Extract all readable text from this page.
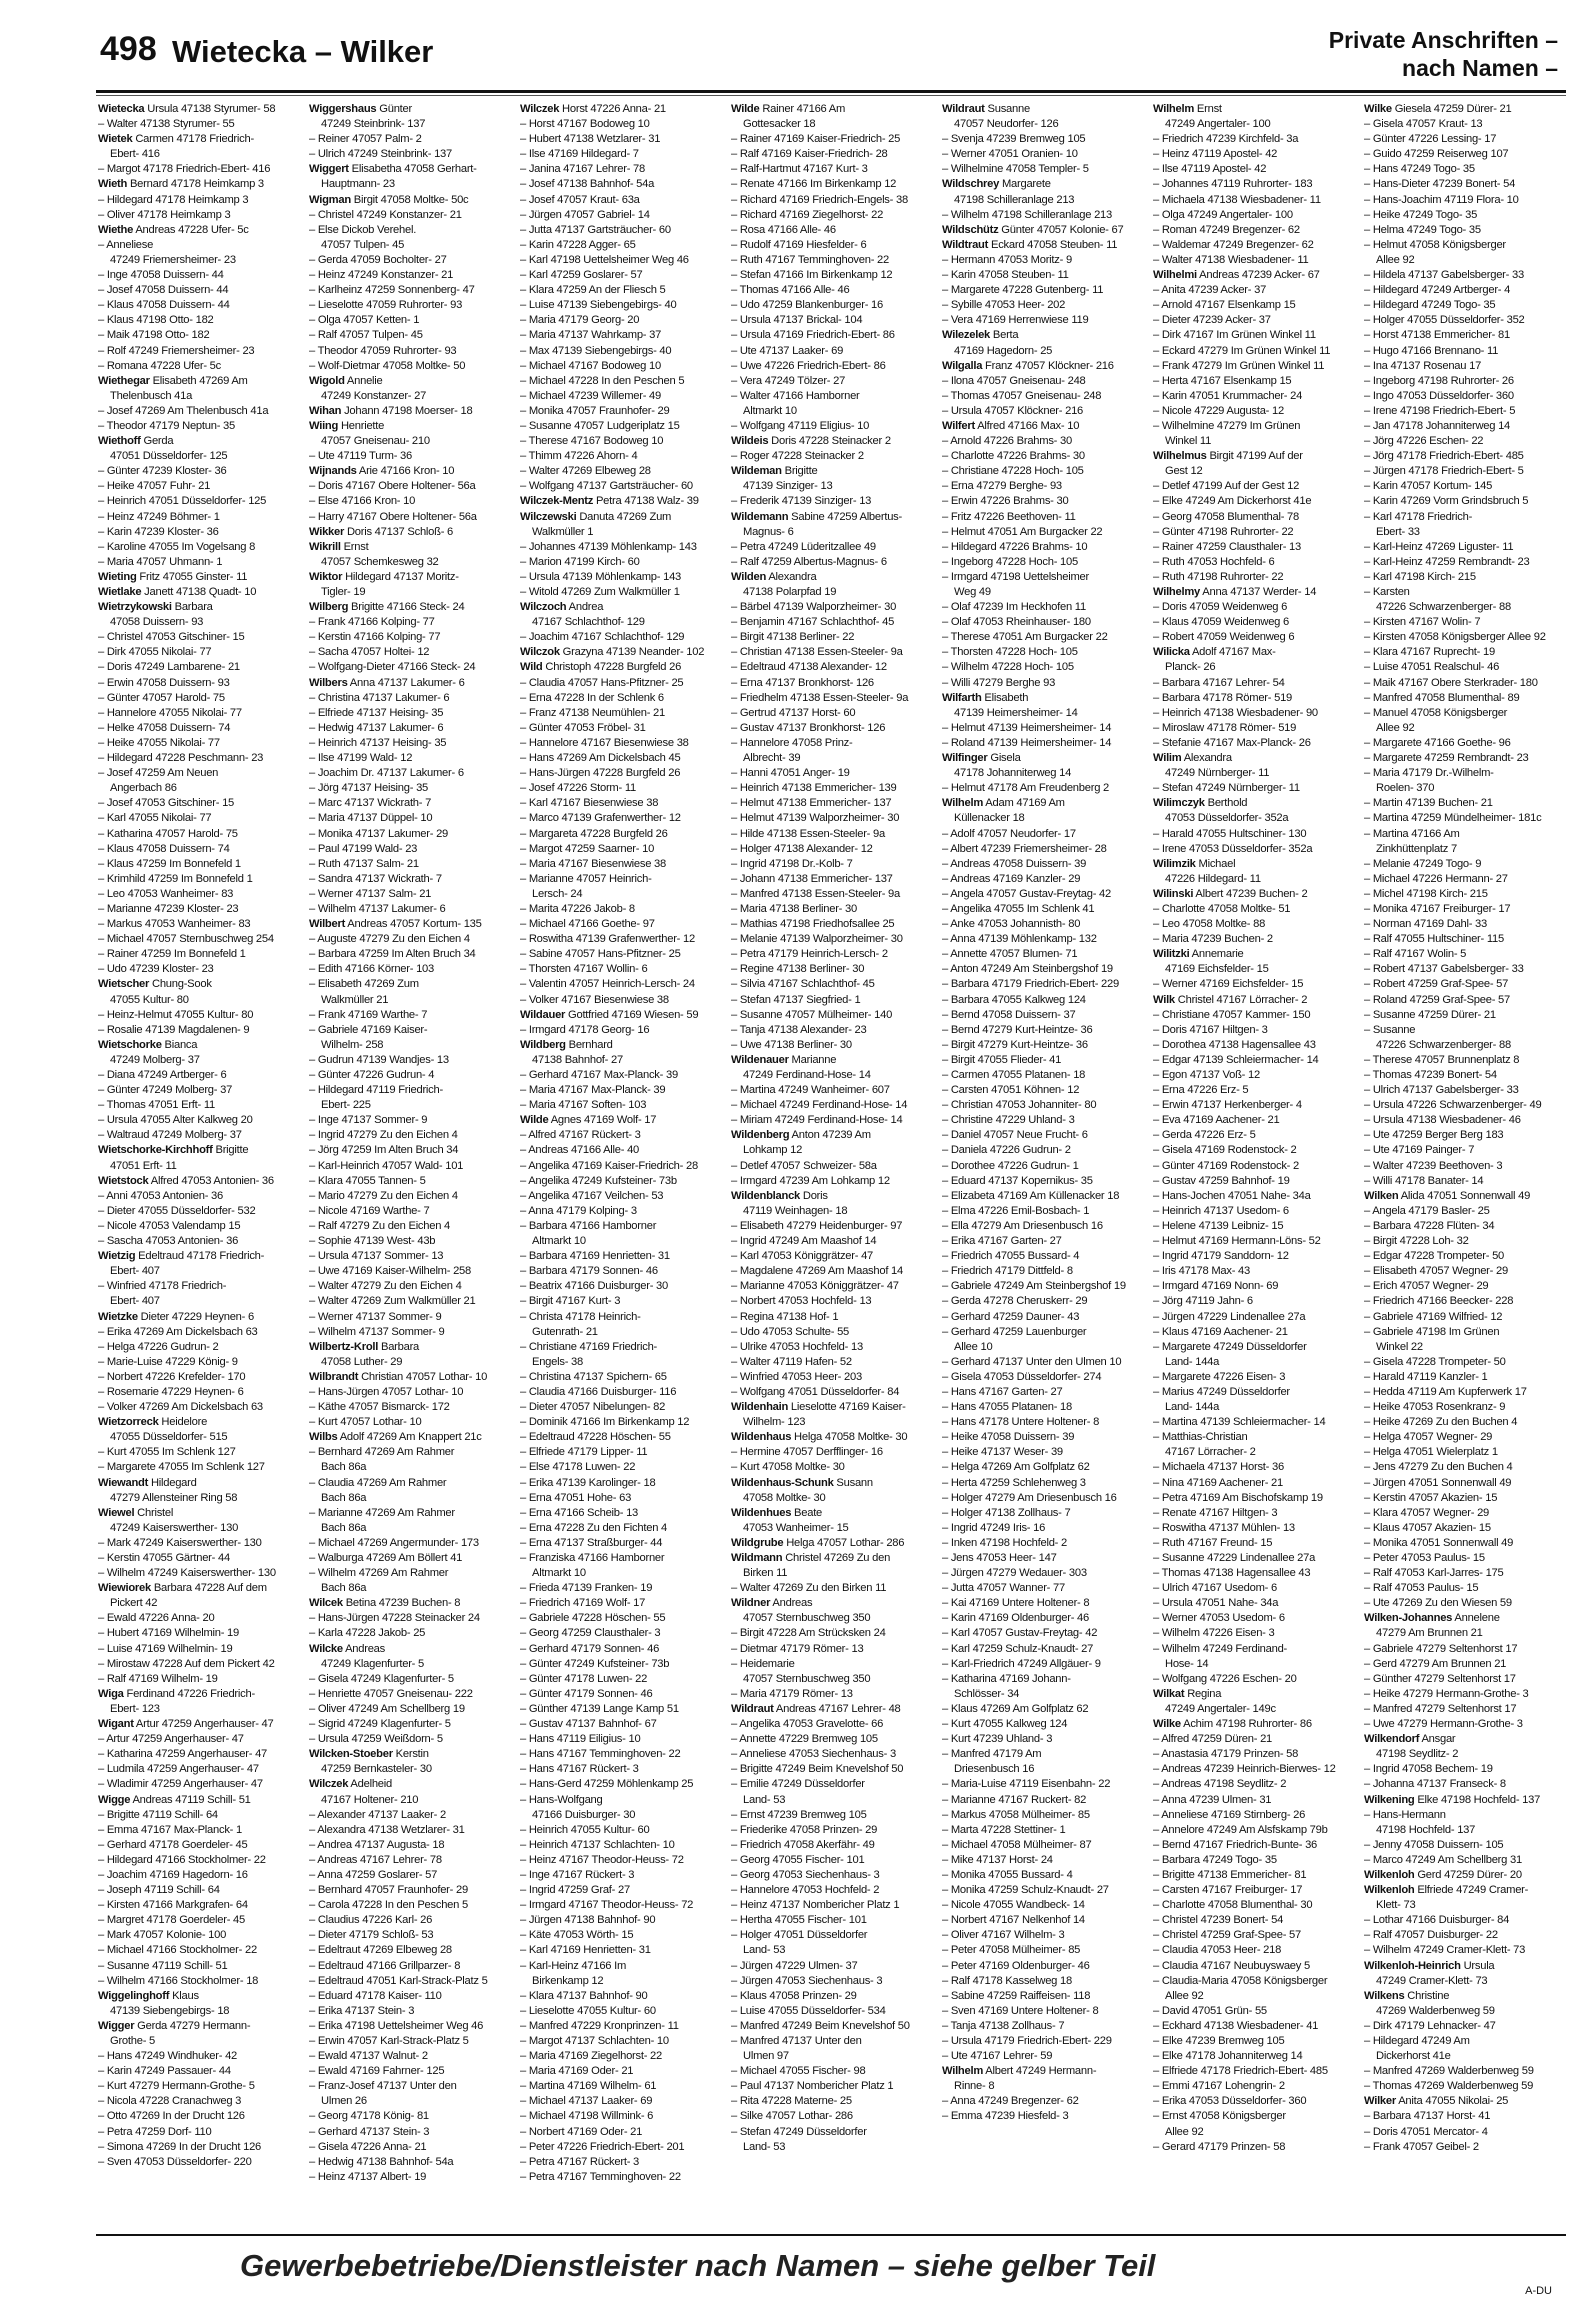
498 Wietecka – Wilker	Private Anschriften – nach Namen –
Wietecka Ursula 47138 Styrumer- 58
– Walter 47138 Styrumer- 55
Wietek Carmen 47178 Friedrich-
Ebert- 416
– Margot 47178 Friedrich-Ebert- 416
Wieth Bernard 47178 Heimkamp 3
– Hildegard 47178 Heimkamp 3
– Oliver 47178 Heimkamp 3
Wiethe Andreas 47228 Ufer- 5c
– Anneliese
47249 Friemersheimer- 23
– Inge 47058 Duissern- 44
– Josef 47058 Duissern- 44
– Klaus 47058 Duissern- 44
– Klaus 47198 Otto- 182
– Maik 47198 Otto- 182
– Rolf 47249 Friemersheimer- 23
– Romana 47228 Ufer- 5c
Wiethegar Elisabeth 47269 Am
Thelenbusch 41a
– Josef 47269 Am Thelenbusch 41a
– Theodor 47179 Neptun- 35
Wiethoff Gerda
47051 Düsseldorfer- 125
– Günter 47239 Kloster- 36
– Heike 47057 Fuhr- 21
– Heinrich 47051 Düsseldorfer- 125
– Heinz 47249 Böhmer- 1
– Karin 47239 Kloster- 36
– Karoline 47055 Im Vogelsang 8
– Maria 47057 Uhmann- 1
Wieting Fritz 47055 Ginster- 11
Wietlake Janett 47138 Quadt- 10
Wietrzykowski Barbara
47058 Duissern- 93
– Christel 47053 Gitschiner- 15
– Dirk 47055 Nikolai- 77
– Doris 47249 Lambarene- 21
– Erwin 47058 Duissern- 93
– Günter 47057 Harold- 75
– Hannelore 47055 Nikolai- 77
– Helke 47058 Duissern- 74
– Heike 47055 Nikolai- 77
– Hildegard 47228 Peschmann- 23
– Josef 47259 Am Neuen
Angerbach 86
– Josef 47053 Gitschiner- 15
– Karl 47055 Nikolai- 77
– Katharina 47057 Harold- 75
– Klaus 47058 Duissern- 74
– Klaus 47259 Im Bonnefeld 1
– Krimhild 47259 Im Bonnefeld 1
– Leo 47053 Wanheimer- 83
– Marianne 47239 Kloster- 23
– Markus 47053 Wanheimer- 83
– Michael 47057 Sternbuschweg 254
– Rainer 47259 Im Bonnefeld 1
– Udo 47239 Kloster- 23
Wietscher Chung-Sook
47055 Kultur- 80
– Heinz-Helmut 47055 Kultur- 80
– Rosalie 47139 Magdalenen- 9
Wietschorke Bianca
47249 Molberg- 37
– Diana 47249 Artberger- 6
– Günter 47249 Molberg- 37
– Thomas 47051 Erft- 11
– Ursula 47055 Alter Kalkweg 20
– Waltraud 47249 Molberg- 37
Wietschorke-Kirchhoff Brigitte
47051 Erft- 11
Wietstock Alfred 47053 Antonien- 36
– Anni 47053 Antonien- 36
– Dieter 47055 Düsseldorfer- 532
– Nicole 47053 Valendamp 15
– Sascha 47053 Antonien- 36
Wietzig Edeltraud 47178 Friedrich-
Ebert- 407
– Winfried 47178 Friedrich-
Ebert- 407
Wietzke Dieter 47229 Heynen- 6
– Erika 47269 Am Dickelsbach 63
– Helga 47226 Gudrun- 2
– Marie-Luise 47229 König- 9
– Norbert 47226 Krefelder- 170
– Rosemarie 47229 Heynen- 6
– Volker 47269 Am Dickelsbach 63
Wietzorreck Heidelore
47055 Düsseldorfer- 515
– Kurt 47055 Im Schlenk 127
– Margarete 47055 Im Schlenk 127
Wiewandt Hildegard
47279 Allensteiner Ring 58
Wiewel Christel
47249 Kaiserswerther- 130
– Mark 47249 Kaiserswerther- 130
– Kerstin 47055 Gärtner- 44
– Wilhelm 47249 Kaiserswerther- 130
Wiewiorek Barbara 47228 Auf dem
Pickert 42
– Ewald 47226 Anna- 20
– Hubert 47169 Wilhelmin- 19
– Luise 47169 Wilhelmin- 19
– Mirostaw 47228 Auf dem Pickert 42
– Ralf 47169 Wilhelm- 19
Wiga Ferdinand 47226 Friedrich-
Ebert- 123
Wigant Artur 47259 Angerhauser- 47
– Artur 47259 Angerhauser- 47
– Katharina 47259 Angerhauser- 47
– Ludmila 47259 Angerhauser- 47
– Wladimir 47259 Angerhauser- 47
Wigge Andreas 47119 Schill- 51
– Brigitte 47119 Schill- 64
– Emma 47167 Max-Planck- 1
– Gerhard 47178 Goerdeler- 45
– Hildegard 47166 Stockholmer- 22
– Joachim 47169 Hagedorn- 16
– Joseph 47119 Schill- 64
– Kirsten 47166 Markgrafen- 64
– Margret 47178 Goerdeler- 45
– Mark 47057 Kolonie- 100
– Michael 47166 Stockholmer- 22
– Susanne 47119 Schill- 51
– Wilhelm 47166 Stockholmer- 18
Wiggelinghoff Klaus
47139 Siebengebirgs- 18
Wigger Gerda 47279 Hermann-
Grothe- 5
– Hans 47249 Windhuker- 42
– Karin 47249 Passauer- 44
– Kurt 47279 Hermann-Grothe- 5
– Nicola 47228 Cranachweg 3
– Otto 47269 In der Drucht 126
– Petra 47259 Dorf- 110
– Simona 47269 In der Drucht 126
– Sven 47053 Düsseldorfer- 220
Wiggershaus Günter
47249 Steinbrink- 137
– Reiner 47057 Palm- 2
– Ulrich 47249 Steinbrink- 137
Wiggert Elisabetha 47058 Gerhart-
Hauptmann- 23
Wigman Birgit 47058 Moltke- 50c
– Christel 47249 Konstanzer- 21
– Else Dickob Verehel.
47057 Tulpen- 45
– Gerda 47059 Bocholter- 27
– Heinz 47249 Konstanzer- 21
– Karlheinz 47259 Sonnenberg- 47
– Lieselotte 47059 Ruhrorter- 93
– Olga 47057 Ketten- 1
– Ralf 47057 Tulpen- 45
– Theodor 47059 Ruhrorter- 93
– Wolf-Dietmar 47058 Moltke- 50
Wigold Annelie
47249 Konstanzer- 27
Wihan Johann 47198 Moerser- 18
Wiing Henriette
47057 Gneisenau- 210
– Ute 47119 Turm- 36
Wijnands Arie 47166 Kron- 10
– Doris 47167 Obere Holtener- 56a
– Else 47166 Kron- 10
– Harry 47167 Obere Holtener- 56a
Wikker Doris 47137 Schloß- 6
Wikrill Ernst
47057 Schemkesweg 32
Wiktor Hildegard 47137 Moritz-
Tigler- 19
Wilberg Brigitte 47166 Steck- 24
– Frank 47166 Kolping- 77
– Kerstin 47166 Kolping- 77
– Sacha 47057 Holtei- 12
– Wolfgang-Dieter 47166 Steck- 24
Wilbers Anna 47137 Lakumer- 6
– Christina 47137 Lakumer- 6
– Elfriede 47137 Heising- 35
– Hedwig 47137 Lakumer- 6
– Heinrich 47137 Heising- 35
– Ilse 47199 Wald- 12
– Joachim Dr. 47137 Lakumer- 6
– Jörg 47137 Heising- 35
– Marc 47137 Wickrath- 7
– Maria 47137 Düppel- 10
– Monika 47137 Lakumer- 29
– Paul 47199 Wald- 23
– Ruth 47137 Salm- 21
– Sandra 47137 Wickrath- 7
– Werner 47137 Salm- 21
– Wilhelm 47137 Lakumer- 6
Wilbert Andreas 47057 Kortum- 135
– Auguste 47279 Zu den Eichen 4
– Barbara 47259 Im Alten Bruch 34
– Edith 47166 Körner- 103
– Elisabeth 47269 Zum
Walkmüller 21
– Frank 47169 Warthe- 7
– Gabriele 47169 Kaiser-
Wilhelm- 258
– Gudrun 47139 Wandjes- 13
– Günter 47226 Gudrun- 4
– Hildegard 47119 Friedrich-
Ebert- 225
– Inge 47137 Sommer- 9
– Ingrid 47279 Zu den Eichen 4
– Jörg 47259 Im Alten Bruch 34
– Karl-Heinrich 47057 Wald- 101
– Klara 47055 Tannen- 5
– Mario 47279 Zu den Eichen 4
– Nicole 47169 Warthe- 7
– Ralf 47279 Zu den Eichen 4
– Sophie 47139 West- 43b
– Ursula 47137 Sommer- 13
– Uwe 47169 Kaiser-Wilhelm- 258
– Walter 47279 Zu den Eichen 4
– Walter 47269 Zum Walkmüller 21
– Werner 47137 Sommer- 9
– Wilhelm 47137 Sommer- 9
Wilbertz-Kroll Barbara
47058 Luther- 29
Wilbrandt Christian 47057 Lothar- 10
– Hans-Jürgen 47057 Lothar- 10
– Käthe 47057 Bismarck- 172
– Kurt 47057 Lothar- 10
Wilbs Adolf 47269 Am Knappert 21c
– Bernhard 47269 Am Rahmer
Bach 86a
– Claudia 47269 Am Rahmer
Bach 86a
– Marianne 47269 Am Rahmer
Bach 86a
– Michael 47269 Angermunder- 173
– Walburga 47269 Am Böllert 41
– Wilhelm 47269 Am Rahmer
Bach 86a
Wilcek Betina 47239 Buchen- 8
– Hans-Jürgen 47228 Steinacker 24
– Karla 47228 Jakob- 25
Wilcke Andreas
47249 Klagenfurter- 5
– Gisela 47249 Klagenfurter- 5
– Henriette 47057 Gneisenau- 222
– Oliver 47249 Am Schellberg 19
– Sigrid 47249 Klagenfurter- 5
– Ursula 47259 Weißdorn- 5
Wilcken-Stoeber Kerstin
47259 Bernkasteler- 30
Wilczek Adelheid
47167 Holtener- 210
– Alexander 47137 Laaker- 2
– Alexandra 47138 Wetzlarer- 31
– Andrea 47137 Augusta- 18
– Andreas 47167 Lehrer- 78
– Anna 47259 Goslarer- 57
– Bernhard 47057 Fraunhofer- 29
– Carola 47228 In den Peschen 5
– Claudius 47226 Karl- 26
– Dieter 47179 Schloß- 53
– Edeltraut 47269 Elbeweg 28
– Edeltraud 47166 Grillparzer- 8
– Edeltraud 47051 Karl-Strack-Platz 5
– Eduard 47178 Kaiser- 110
– Erika 47137 Stein- 3
– Erika 47198 Uettelsheimer Weg 46
– Erwin 47057 Karl-Strack-Platz 5
– Ewald 47137 Walnut- 2
– Ewald 47169 Fahrner- 125
– Franz-Josef 47137 Unter den
Ulmen 26
– Georg 47178 König- 81
– Gerhard 47137 Stein- 3
– Gisela 47226 Anna- 21
– Hedwig 47138 Bahnhof- 54a
– Heinz 47137 Albert- 19
Wilczek Horst 47226 Anna- 21
– Horst 47167 Bodoweg 10
– Hubert 47138 Wetzlarer- 31
– Ilse 47169 Hildegard- 7
– Janina 47167 Lehrer- 78
– Josef 47138 Bahnhof- 54a
– Josef 47057 Kraut- 63a
– Jürgen 47057 Gabriel- 14
– Jutta 47137 Gartsträucher- 60
– Karin 47228 Agger- 65
– Karl 47198 Uettelsheimer Weg 46
– Karl 47259 Goslarer- 57
– Klara 47259 An der Fliesch 5
– Luise 47139 Siebengebirgs- 40
– Maria 47179 Georg- 20
– Maria 47137 Wahrkamp- 37
– Max 47139 Siebengebirgs- 40
– Michael 47167 Bodoweg 10
– Michael 47228 In den Peschen 5
– Michael 47239 Willemer- 49
– Monika 47057 Fraunhofer- 29
– Susanne 47057 Ludgeriplatz 15
– Therese 47167 Bodoweg 10
– Thimm 47226 Ahorn- 4
– Walter 47269 Elbeweg 28
– Wolfgang 47137 Gartsträucher- 60
Wilczek-Mentz Petra 47138 Walz- 39
Wilczewski Danuta 47269 Zum
Walkmüller 1
– Johannes 47139 Möhlenkamp- 143
– Marion 47199 Kirch- 60
– Ursula 47139 Möhlenkamp- 143
– Witold 47269 Zum Walkmüller 1
Wilczoch Andrea
47167 Schlachthof- 129
– Joachim 47167 Schlachthof- 129
Wilczok Grazyna 47139 Neander- 102
Wild Christoph 47228 Burgfeld 26
– Claudia 47057 Hans-Pfitzner- 25
– Erna 47228 In der Schlenk 6
– Franz 47138 Neumühlen- 21
– Günter 47053 Fröbel- 31
– Hannelore 47167 Biesenwiese 38
– Hans 47269 Am Dickelsbach 45
– Hans-Jürgen 47228 Burgfeld 26
– Josef 47226 Storm- 11
– Karl 47167 Biesenwiese 38
– Marco 47139 Grafenwerther- 12
– Margareta 47228 Burgfeld 26
– Margot 47259 Saarner- 10
– Maria 47167 Biesenwiese 38
– Marianne 47057 Heinrich-
Lersch- 24
– Marita 47226 Jakob- 8
– Michael 47166 Goethe- 97
– Roswitha 47139 Grafenwerther- 12
– Sabine 47057 Hans-Pfitzner- 25
– Thorsten 47167 Wollin- 6
– Valentin 47057 Heinrich-Lersch- 24
– Volker 47167 Biesenwiese 38
Wildauer Gottfried 47169 Wiesen- 59
– Irmgard 47178 Georg- 16
Wildberg Bernhard
47138 Bahnhof- 27
– Gerhard 47167 Max-Planck- 39
– Maria 47167 Max-Planck- 39
– Maria 47167 Soften- 103
Wilde Agnes 47169 Wolf- 17
– Alfred 47167 Rückert- 3
– Andreas 47166 Alle- 40
– Angelika 47169 Kaiser-Friedrich- 28
– Angelika 47249 Kufsteiner- 73b
– Angelika 47167 Veilchen- 53
– Anna 47179 Kolping- 3
– Barbara 47166 Hamborner
Altmarkt 10
– Barbara 47169 Henrietten- 31
– Barbara 47179 Sonnen- 46
– Beatrix 47166 Duisburger- 30
– Birgit 47167 Kurt- 3
– Christa 47178 Heinrich-
Gutenrath- 21
– Christiane 47169 Friedrich-
Engels- 38
– Christina 47137 Spichern- 65
– Claudia 47166 Duisburger- 116
– Dieter 47057 Nibelungen- 82
– Dominik 47166 Im Birkenkamp 12
– Edeltraud 47228 Höschen- 55
– Elfriede 47179 Lipper- 11
– Else 47178 Luwen- 22
– Erika 47139 Karolinger- 18
– Erna 47051 Hohe- 63
– Erna 47166 Scheib- 13
– Erna 47228 Zu den Fichten 4
– Erna 47137 Straßburger- 44
– Franziska 47166 Hamborner
Altmarkt 10
– Frieda 47139 Franken- 19
– Friedrich 47169 Wolf- 17
– Gabriele 47228 Höschen- 55
– Georg 47259 Clausthaler- 3
– Gerhard 47179 Sonnen- 46
– Günter 47249 Kufsteiner- 73b
– Günter 47178 Luwen- 22
– Günter 47179 Sonnen- 46
– Günther 47139 Lange Kamp 51
– Gustav 47137 Bahnhof- 67
– Hans 47119 Eiligius- 10
– Hans 47167 Temminghoven- 22
– Hans 47167 Rückert- 3
– Hans-Gerd 47259 Möhlenkamp 25
– Hans-Wolfgang
47166 Duisburger- 30
– Heinrich 47055 Kultur- 60
– Heinrich 47137 Schlachten- 10
– Heinz 47167 Theodor-Heuss- 72
– Inge 47167 Rückert- 3
– Ingrid 47259 Graf- 27
– Irmgard 47167 Theodor-Heuss- 72
– Jürgen 47138 Bahnhof- 90
– Käte 47053 Wörth- 15
– Karl 47169 Henrietten- 31
– Karl-Heinz 47166 Im
Birkenkamp 12
– Klara 47137 Bahnhof- 90
– Lieselotte 47055 Kultur- 60
– Manfred 47229 Kronprinzen- 11
– Margot 47137 Schlachten- 10
– Maria 47169 Ziegelhorst- 22
– Maria 47169 Oder- 21
– Martina 47169 Wilhelm- 61
– Michael 47137 Laaker- 69
– Michael 47198 Willmink- 6
– Norbert 47169 Oder- 21
– Peter 47226 Friedrich-Ebert- 201
– Petra 47167 Rückert- 3
– Petra 47167 Temminghoven- 22
Wilde Rainer 47166 Am
Gottesacker 18
– Rainer 47169 Kaiser-Friedrich- 25
– Ralf 47169 Kaiser-Friedrich- 28
– Ralf-Hartmut 47167 Kurt- 3
– Renate 47166 Im Birkenkamp 12
– Richard 47169 Friedrich-Engels- 38
– Richard 47169 Ziegelhorst- 22
– Rosa 47166 Alle- 46
– Rudolf 47169 Hiesfelder- 6
– Ruth 47167 Temminghoven- 22
– Stefan 47166 Im Birkenkamp 12
– Thomas 47166 Alle- 46
– Udo 47259 Blankenburger- 16
– Ursula 47137 Brickal- 104
– Ursula 47169 Friedrich-Ebert- 86
– Ute 47137 Laaker- 69
– Uwe 47226 Friedrich-Ebert- 86
– Vera 47249 Tölzer- 27
– Walter 47166 Hamborner
Altmarkt 10
– Wolfgang 47119 Eligius- 10
Wildeis Doris 47228 Steinacker 2
– Roger 47228 Steinacker 2
Wildeman Brigitte
47139 Sinziger- 13
– Frederik 47139 Sinziger- 13
Wildemann Sabine 47259 Albertus-
Magnus- 6
– Petra 47249 Lüderitzallee 49
– Ralf 47259 Albertus-Magnus- 6
Wilden Alexandra
47138 Polarpfad 19
– Bärbel 47139 Walporzheimer- 30
– Benjamin 47167 Schlachthof- 45
– Birgit 47138 Berliner- 22
– Christian 47138 Essen-Steeler- 9a
– Edeltraud 47138 Alexander- 12
– Erna 47137 Bronkhorst- 126
– Friedhelm 47138 Essen-Steeler- 9a
– Gertrud 47137 Horst- 60
– Gustav 47137 Bronkhorst- 126
– Hannelore 47058 Prinz-
Albrecht- 39
– Hanni 47051 Anger- 19
– Heinrich 47138 Emmericher- 139
– Helmut 47138 Emmericher- 137
– Helmut 47139 Walporzheimer- 30
– Hilde 47138 Essen-Steeler- 9a
– Holger 47138 Alexander- 12
– Ingrid 47198 Dr.-Kolb- 7
– Johann 47138 Emmericher- 137
– Manfred 47138 Essen-Steeler- 9a
– Maria 47138 Berliner- 30
– Mathias 47198 Friedhofsallee 25
– Melanie 47139 Walporzheimer- 30
– Petra 47179 Heinrich-Lersch- 2
– Regine 47138 Berliner- 30
– Silvia 47167 Schlachthof- 45
– Stefan 47137 Siegfried- 1
– Susanne 47057 Mülheimer- 140
– Tanja 47138 Alexander- 23
– Uwe 47138 Berliner- 30
Wildenauer Marianne
47249 Ferdinand-Hose- 14
– Martina 47249 Wanheimer- 607
– Michael 47249 Ferdinand-Hose- 14
– Miriam 47249 Ferdinand-Hose- 14
Wildenberg Anton 47239 Am
Lohkamp 12
– Detlef 47057 Schweizer- 58a
– Irmgard 47239 Am Lohkamp 12
Wildenblanck Doris
47119 Weinhagen- 18
– Elisabeth 47279 Heidenburger- 97
– Ingrid 47249 Am Maashof 14
– Karl 47053 Königgrätzer- 47
– Magdalene 47269 Am Maashof 14
– Marianne 47053 Königgrätzer- 47
– Norbert 47053 Hochfeld- 13
– Regina 47138 Hof- 1
– Udo 47053 Schulte- 55
– Ulrike 47053 Hochfeld- 13
– Walter 47119 Hafen- 52
– Winfried 47053 Heer- 203
– Wolfgang 47051 Düsseldorfer- 84
Wildenhain Lieselotte 47169 Kaiser-
Wilhelm- 123
Wildenhaus Helga 47058 Moltke- 30
– Hermine 47057 Derfflinger- 16
– Kurt 47058 Moltke- 30
Wildenhaus-Schunk Susann
47058 Moltke- 30
Wildenhues Beate
47053 Wanheimer- 15
Wildgrube Helga 47057 Lothar- 286
Wildmann Christel 47269 Zu den
Birken 11
– Walter 47269 Zu den Birken 11
Wildner Andreas
47057 Sternbuschweg 350
– Birgit 47228 Am Strücksken 24
– Dietmar 47179 Römer- 13
– Heidemarie
47057 Sternbuschweg 350
– Maria 47179 Römer- 13
Wildraut Andreas 47167 Lehrer- 48
– Angelika 47053 Gravelotte- 66
– Annette 47229 Bremweg 105
– Anneliese 47053 Siechenhaus- 3
– Brigitte 47249 Beim Knevelshof 50
– Emilie 47249 Düsseldorfer
Land- 53
– Ernst 47239 Bremweg 105
– Friederike 47058 Prinzen- 29
– Friedrich 47058 Akerfähr- 49
– Georg 47055 Fischer- 101
– Georg 47053 Siechenhaus- 3
– Hannelore 47053 Hochfeld- 2
– Heinz 47137 Nombericher Platz 1
– Hertha 47055 Fischer- 101
– Holger 47051 Düsseldorfer
Land- 53
– Jürgen 47229 Ulmen- 37
– Jürgen 47053 Siechenhaus- 3
– Klaus 47058 Prinzen- 29
– Luise 47055 Düsseldorfer- 534
– Manfred 47249 Beim Knevelshof 50
– Manfred 47137 Unter den
Ulmen 97
– Michael 47055 Fischer- 98
– Paul 47137 Nombericher Platz 1
– Rita 47228 Materne- 25
– Silke 47057 Lothar- 286
– Stefan 47249 Düsseldorfer
Land- 53
Wildraut Susanne
47057 Neudorfer- 126
– Svenja 47239 Bremweg 105
– Werner 47051 Oranien- 10
– Wilhelmine 47058 Templer- 5
Wildschrey Margarete
47198 Schilleranlage 213
– Wilhelm 47198 Schilleranlage 213
Wildschütz Günter 47057 Kolonie- 67
Wildtraut Eckard 47058 Steuben- 11
– Hermann 47053 Moritz- 9
– Karin 47058 Steuben- 11
– Margarete 47228 Gutenberg- 11
– Sybille 47053 Heer- 202
– Vera 47169 Herrenwiese 119
Wilezelek Berta
47169 Hagedorn- 25
Wilgalla Franz 47057 Klöckner- 216
– Ilona 47057 Gneisenau- 248
– Thomas 47057 Gneisenau- 248
– Ursula 47057 Klöckner- 216
Wilfert Alfred 47166 Max- 10
– Arnold 47226 Brahms- 30
– Charlotte 47226 Brahms- 30
– Christiane 47228 Hoch- 105
– Erna 47279 Berghe- 93
– Erwin 47226 Brahms- 30
– Fritz 47226 Beethoven- 11
– Helmut 47051 Am Burgacker 22
– Hildegard 47226 Brahms- 10
– Ingeborg 47228 Hoch- 105
– Irmgard 47198 Uettelsheimer
Weg 49
– Olaf 47239 Im Heckhofen 11
– Olaf 47053 Rheinhauser- 180
– Therese 47051 Am Burgacker 22
– Thorsten 47228 Hoch- 105
– Wilhelm 47228 Hoch- 105
– Willi 47279 Berghe 93
Wilfarth Elisabeth
47139 Heimersheimer- 14
– Helmut 47139 Heimersheimer- 14
– Roland 47139 Heimersheimer- 14
Wilfinger Gisela
47178 Johanniterweg 14
– Helmut 47178 Am Freudenberg 2
Wilhelm Adam 47169 Am
Küllenacker 18
– Adolf 47057 Neudorfer- 17
– Albert 47239 Friemersheimer- 28
– Andreas 47058 Duissern- 39
– Andreas 47169 Kanzler- 29
– Angela 47057 Gustav-Freytag- 42
– Angelika 47055 Im Schlenk 41
– Anke 47053 Johannisth- 80
– Anna 47139 Möhlenkamp- 132
– Annette 47057 Blumen- 71
– Anton 47249 Am Steinbergshof 19
– Barbara 47179 Friedrich-Ebert- 229
– Barbara 47055 Kalkweg 124
– Bernd 47058 Duissern- 37
– Bernd 47279 Kurt-Heintze- 36
– Birgit 47279 Kurt-Heintze- 36
– Birgit 47055 Flieder- 41
– Carmen 47055 Platanen- 18
– Carsten 47051 Köhnen- 12
– Christian 47053 Johanniter- 80
– Christine 47229 Uhland- 3
– Daniel 47057 Neue Frucht- 6
– Daniela 47226 Gudrun- 2
– Dorothee 47226 Gudrun- 1
– Eduard 47137 Kopernikus- 35
– Elizabeta 47169 Am Küllenacker 18
– Elma 47226 Emil-Bosbach- 1
– Ella 47279 Am Driesenbusch 16
– Erika 47167 Garten- 27
– Friedrich 47055 Bussard- 4
– Friedrich 47179 Dittfeld- 8
– Gabriele 47249 Am Steinbergshof 19
– Gerda 47278 Cheruskerr- 29
– Gerhard 47259 Dauner- 43
– Gerhard 47259 Lauenburger
Allee 10
– Gerhard 47137 Unter den Ulmen 10
– Gisela 47053 Düsseldorfer- 274
– Hans 47167 Garten- 27
– Hans 47055 Platanen- 18
– Hans 47178 Untere Holtener- 8
– Heike 47058 Duissern- 39
– Heike 47137 Weser- 39
– Helga 47269 Am Golfplatz 62
– Herta 47259 Schlehenweg 3
– Holger 47279 Am Driesenbusch 16
– Holger 47138 Zollhaus- 7
– Ingrid 47249 Iris- 16
– Inken 47198 Hochfeld- 2
– Jens 47053 Heer- 147
– Jürgen 47279 Wedauer- 303
– Jutta 47057 Wanner- 77
– Kai 47169 Untere Holtener- 8
– Karin 47169 Oldenburger- 46
– Karl 47057 Gustav-Freytag- 42
– Karl 47259 Schulz-Knaudt- 27
– Karl-Friedrich 47249 Allgäuer- 9
– Katharina 47169 Johann-
Schlösser- 34
– Klaus 47269 Am Golfplatz 62
– Kurt 47055 Kalkweg 124
– Kurt 47239 Uhland- 3
– Manfred 47179 Am
Driesenbusch 16
– Maria-Luise 47119 Eisenbahn- 22
– Marianne 47167 Ruckert- 82
– Markus 47058 Mülheimer- 85
– Marta 47228 Stettiner- 1
– Michael 47058 Mülheimer- 87
– Mike 47137 Horst- 24
– Monika 47055 Bussard- 4
– Monika 47259 Schulz-Knaudt- 27
– Nicole 47055 Wandbeck- 14
– Norbert 47167 Nelkenhof 14
– Oliver 47167 Wilhelm- 3
– Peter 47058 Mülheimer- 85
– Peter 47169 Oldenburger- 46
– Ralf 47178 Kasselweg 18
– Sabine 47259 Raiffeisen- 118
– Sven 47169 Untere Holtener- 8
– Tanja 47138 Zollhaus- 7
– Ursula 47179 Friedrich-Ebert- 229
– Ute 47167 Lehrer- 59
Wilhelm Albert 47249 Hermann-
Rinne- 8
– Anna 47249 Bregenzer- 62
– Emma 47239 Hiesfeld- 3
Wilhelm Ernst
47249 Angertaler- 100
– Friedrich 47239 Kirchfeld- 3a
– Heinz 47119 Apostel- 42
– Ilse 47119 Apostel- 42
– Johannes 47119 Ruhrorter- 183
– Michaela 47138 Wiesbadener- 11
– Olga 47249 Angertaler- 100
– Roman 47249 Bregenzer- 62
– Waldemar 47249 Bregenzer- 62
– Walter 47138 Wiesbadener- 11
Wilhelmi Andreas 47239 Acker- 67
– Anita 47239 Acker- 37
– Arnold 47167 Elsenkamp 15
– Dieter 47239 Acker- 37
– Dirk 47167 Im Grünen Winkel 11
– Eckard 47279 Im Grünen Winkel 11
– Frank 47279 Im Grünen Winkel 11
– Herta 47167 Elsenkamp 15
– Karin 47051 Krummacher- 24
– Nicole 47229 Augusta- 12
– Wilhelmine 47279 Im Grünen
Winkel 11
Wilhelmus Birgit 47199 Auf der
Gest 12
– Detlef 47199 Auf der Gest 12
– Elke 47249 Am Dickerhorst 41e
– Georg 47058 Blumenthal- 78
– Günter 47198 Ruhrorter- 22
– Rainer 47259 Clausthaler- 13
– Ruth 47053 Hochfeld- 6
– Ruth 47198 Ruhrorter- 22
Wilhelmy Anna 47137 Werder- 14
– Doris 47059 Weidenweg 6
– Klaus 47059 Weidenweg 6
– Robert 47059 Weidenweg 6
Wilicka Adolf 47167 Max-
Planck- 26
– Barbara 47167 Lehrer- 54
– Barbara 47178 Römer- 519
– Heinrich 47138 Wiesbadener- 90
– Miroslaw 47178 Römer- 519
– Stefanie 47167 Max-Planck- 26
Wilim Alexandra
47249 Nürnberger- 11
– Stefan 47249 Nürnberger- 11
Wilimczyk Berthold
47053 Düsseldorfer- 352a
– Harald 47055 Hultschiner- 130
– Irene 47053 Düsseldorfer- 352a
Wilimzik Michael
47226 Hildegard- 11
Wilinski Albert 47239 Buchen- 2
– Charlotte 47058 Moltke- 51
– Leo 47058 Moltke- 88
– Maria 47239 Buchen- 2
Wilitzki Annemarie
47169 Eichsfelder- 15
– Werner 47169 Eichsfelder- 15
Wilk Christel 47167 Lörracher- 2
– Christiane 47057 Kammer- 150
– Doris 47167 Hiltgen- 3
– Dorothea 47138 Hagensallee 43
– Edgar 47139 Schleiermacher- 14
– Egon 47137 Voß- 12
– Erna 47226 Erz- 5
– Erwin 47137 Herkenberger- 4
– Eva 47169 Aachener- 21
– Gerda 47226 Erz- 5
– Gisela 47169 Rodenstock- 2
– Günter 47169 Rodenstock- 2
– Gustav 47259 Bahnhof- 19
– Hans-Jochen 47051 Nahe- 34a
– Heinrich 47137 Usedom- 6
– Helene 47139 Leibniz- 15
– Helmut 47169 Hermann-Löns- 52
– Ingrid 47179 Sanddorn- 12
– Iris 47178 Max- 43
– Irmgard 47169 Nonn- 69
– Jörg 47119 Jahn- 6
– Jürgen 47229 Lindenallee 27a
– Klaus 47169 Aachener- 21
– Margarete 47249 Düsseldorfer
Land- 144a
– Margarete 47226 Eisen- 3
– Marius 47249 Düsseldorfer
Land- 144a
– Martina 47139 Schleiermacher- 14
– Matthias-Christian
47167 Lörracher- 2
– Michaela 47137 Horst- 36
– Nina 47169 Aachener- 21
– Petra 47169 Am Bischofskamp 19
– Renate 47167 Hiltgen- 3
– Roswitha 47137 Mühlen- 13
– Ruth 47167 Freund- 15
– Susanne 47229 Lindenallee 27a
– Thomas 47138 Hagensallee 43
– Ulrich 47167 Usedom- 6
– Ursula 47051 Nahe- 34a
– Werner 47053 Usedom- 6
– Wilhelm 47226 Eisen- 3
– Wilhelm 47249 Ferdinand-
Hose- 14
– Wolfgang 47226 Eschen- 20
Wilkat Regina
47249 Angertaler- 149c
Wilke Achim 47198 Ruhrorter- 86
– Alfred 47259 Düren- 21
– Anastasia 47179 Prinzen- 58
– Andreas 47239 Heinrich-Bierwes- 12
– Andreas 47198 Seydlitz- 2
– Anna 47239 Ulmen- 31
– Anneliese 47169 Stirnberg- 26
– Annelore 47249 Am Alsfskamp 79b
– Bernd 47167 Friedrich-Bunte- 36
– Barbara 47249 Togo- 35
– Brigitte 47138 Emmericher- 81
– Carsten 47167 Freiburger- 17
– Charlotte 47058 Blumenthal- 30
– Christel 47239 Bonert- 54
– Christel 47259 Graf-Spee- 57
– Claudia 47053 Heer- 218
– Claudia 47167 Neubuyswaey 5
– Claudia-Maria 47058 Königsberger
Allee 92
– David 47051 Grün- 55
– Eckhard 47138 Wiesbadener- 41
– Elke 47239 Bremweg 105
– Elke 47178 Johanniterweg 14
– Elfriede 47178 Friedrich-Ebert- 485
– Emmi 47167 Lohengrin- 2
– Erika 47053 Düsseldorfer- 360
– Ernst 47058 Königsberger
Allee 92
– Gerard 47179 Prinzen- 58
Wilke Giesela 47259 Dürer- 21
– Gisela 47057 Kraut- 13
– Günter 47226 Lessing- 17
– Guido 47259 Reiserweg 107
– Hans 47249 Togo- 35
– Hans-Dieter 47239 Bonert- 54
– Hans-Joachim 47119 Flora- 10
– Heike 47249 Togo- 35
– Helma 47249 Togo- 35
– Helmut 47058 Königsberger
Allee 92
– Hildela 47137 Gabelsberger- 33
– Hildegard 47249 Artberger- 4
– Hildegard 47249 Togo- 35
– Holger 47055 Düsseldorfer- 352
– Horst 47138 Emmericher- 81
– Hugo 47166 Brennano- 11
– Ina 47137 Rosenau 17
– Ingeborg 47198 Ruhrorter- 26
– Ingo 47053 Düsseldorfer- 360
– Irene 47198 Friedrich-Ebert- 5
– Jan 47178 Johanniterweg 14
– Jörg 47226 Eschen- 22
– Jörg 47178 Friedrich-Ebert- 485
– Jürgen 47178 Friedrich-Ebert- 5
– Karin 47057 Kortum- 145
– Karin 47269 Vorm Grindsbruch 5
– Karl 47178 Friedrich-
Ebert- 33
– Karl-Heinz 47269 Liguster- 11
– Karl-Heinz 47259 Rembrandt- 23
– Karl 47198 Kirch- 215
– Karsten
47226 Schwarzenberger- 88
– Kirsten 47167 Wolin- 7
– Kirsten 47058 Königsberger Allee 92
– Klara 47167 Ruprecht- 19
– Luise 47051 Realschul- 46
– Maik 47167 Obere Sterkrader- 180
– Manfred 47058 Blumenthal- 89
– Manuel 47058 Königsberger
Allee 92
– Margarete 47166 Goethe- 96
– Margarete 47259 Rembrandt- 23
– Maria 47179 Dr.-Wilhelm-
Roelen- 370
– Martin 47139 Buchen- 21
– Martina 47259 Mündelheimer- 181c
– Martina 47166 Am
Zinkhüttenplatz 7
– Melanie 47249 Togo- 9
– Michael 47226 Hermann- 27
– Michel 47198 Kirch- 215
– Monika 47167 Freiburger- 17
– Norman 47169 Dahl- 33
– Ralf 47055 Hultschiner- 115
– Ralf 47167 Wolin- 5
– Robert 47137 Gabelsberger- 33
– Robert 47259 Graf-Spee- 57
– Roland 47259 Graf-Spee- 57
– Susanne 47259 Dürer- 21
– Susanne
47226 Schwarzenberger- 88
– Therese 47057 Brunnenplatz 8
– Thomas 47239 Bonert- 54
– Ulrich 47137 Gabelsberger- 33
– Ursula 47226 Schwarzenberger- 49
– Ursula 47138 Wiesbadener- 46
– Ute 47259 Berger Berg 183
– Ute 47169 Painger- 7
– Walter 47239 Beethoven- 3
– Willi 47178 Banater- 14
Wilken Alida 47051 Sonnenwall 49
– Angela 47179 Basler- 25
– Barbara 47228 Flüten- 34
– Birgit 47228 Loh- 32
– Edgar 47228 Trompeter- 50
– Elisabeth 47057 Wegner- 29
– Erich 47057 Wegner- 29
– Friedrich 47166 Beecker- 228
– Gabriele 47169 Wilfried- 12
– Gabriele 47198 Im Grünen
Winkel 22
– Gisela 47228 Trompeter- 50
– Harald 47119 Kanzler- 1
– Hedda 47119 Am Kupferwerk 17
– Heike 47053 Rosenkranz- 9
– Heike 47269 Zu den Buchen 4
– Helga 47057 Wegner- 29
– Helga 47051 Wielerplatz 1
– Jens 47279 Zu den Buchen 4
– Jürgen 47051 Sonnenwall 49
– Kerstin 47057 Akazien- 15
– Klara 47057 Wegner- 29
– Klaus 47057 Akazien- 15
– Monika 47051 Sonnenwall 49
– Peter 47053 Paulus- 15
– Ralf 47053 Karl-Jarres- 175
– Ralf 47053 Paulus- 15
– Ute 47269 Zu den Wiesen 59
Wilken-Johannes Annelene
47279 Am Brunnen 21
– Gabriele 47279 Seltenhorst 17
– Gerd 47279 Am Brunnen 21
– Günther 47279 Seltenhorst 17
– Heike 47279 Hermann-Grothe- 3
– Manfred 47279 Seltenhorst 17
– Uwe 47279 Hermann-Grothe- 3
Wilkendorf Ansgar
47198 Seydlitz- 2
– Ingrid 47058 Bechem- 19
– Johanna 47137 Franseck- 8
Wilkening Elke 47198 Hochfeld- 137
– Hans-Hermann
47198 Hochfeld- 137
– Jenny 47058 Duissern- 105
– Marco 47249 Am Schellberg 31
Wilkenloh Gerd 47259 Dürer- 20
Wilkenloh Elfriede 47249 Cramer-
Klett- 73
– Lothar 47166 Duisburger- 84
– Ralf 47057 Duisburger- 22
– Wilhelm 47249 Cramer-Klett- 73
Wilkenloh-Heinrich Ursula
47249 Cramer-Klett- 73
Wilkens Christine
47269 Walderbenweg 59
– Dirk 47179 Lehnacker- 47
– Hildegard 47249 Am
Dickerhorst 41e
– Manfred 47269 Walderbenweg 59
– Thomas 47269 Walderbenweg 59
Wilker Anita 47055 Nikolai- 25
– Barbara 47137 Horst- 41
– Doris 47051 Mercator- 4
– Frank 47057 Geibel- 2
Gewerbebetriebe/Dienstleister nach Namen – siehe gelber Teil
A-DU
